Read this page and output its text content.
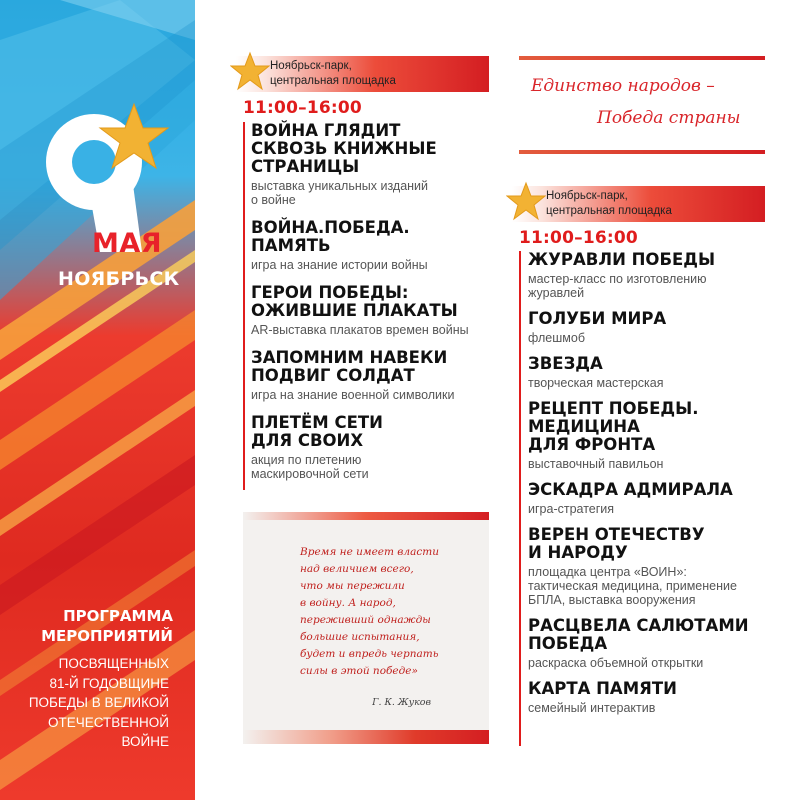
МАЯ
НОЯБРЬСК
ПРОГРАММА
МЕРОПРИЯТИЙ
ПОСВЯЩЕННЫХ
81-Й ГОДОВЩИНЕ
ПОБЕДЫ В ВЕЛИКОЙ
ОТЕЧЕСТВЕННОЙ
ВОЙНЕ
Ноябрьск-парк,
центральная площадка
11:00–16:00
ВОЙНА ГЛЯДИТ
СКВОЗЬ КНИЖНЫЕ
СТРАНИЦЫ
выставка уникальных изданий
о войне
ВОЙНА.ПОБЕДА.
ПАМЯТЬ
игра на знание истории войны
ГЕРОИ ПОБЕДЫ:
ОЖИВШИЕ ПЛАКАТЫ
AR-выставка плакатов времен войны
ЗАПОМНИМ НАВЕКИ
ПОДВИГ СОЛДАТ
игра на знание военной символики
ПЛЕТЁМ СЕТИ
ДЛЯ СВОИХ
акция по плетению
маскировочной сети
Время не имеет власти
над величием всего,
что мы пережили
в войну. А народ,
переживший однажды
большие испытания,
будет и впредь черпать
силы в этой победе»
Г. К. Жуков
Единство народов –
Победа страны
Ноябрьск-парк,
центральная площадка
11:00–16:00
ЖУРАВЛИ ПОБЕДЫ
мастер-класс по изготовлению
журавлей
ГОЛУБИ МИРА
флешмоб
ЗВЕЗДА
творческая мастерская
РЕЦЕПТ ПОБЕДЫ.
МЕДИЦИНА
ДЛЯ ФРОНТА
выставочный павильон
ЭСКАДРА АДМИРАЛА
игра-стратегия
ВЕРЕН ОТЕЧЕСТВУ
И НАРОДУ
площадка центра «ВОИН»:
тактическая медицина, применение
БПЛА, выставка вооружения
РАСЦВЕЛА САЛЮТАМИ
ПОБЕДА
раскраска объемной открытки
КАРТА ПАМЯТИ
семейный интерактив
